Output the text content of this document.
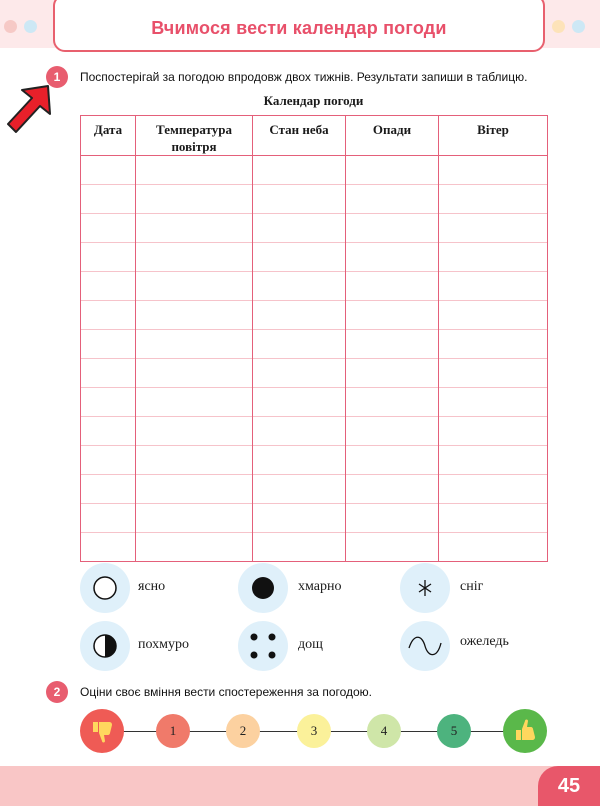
Вчимося вести календар погоди
1	Поспостерігай за погодою впродовж двох тижнів. Результати запиши в таблицю.
Календар погоди
Дата	Температура повітря	Стан неба	Опади	Вітер

ясно	хмарно	сніг
похмуро	дощ	ожеледь
2	Оціни своє вміння вести спостереження за погодою.
1	2	3	4	5
45
